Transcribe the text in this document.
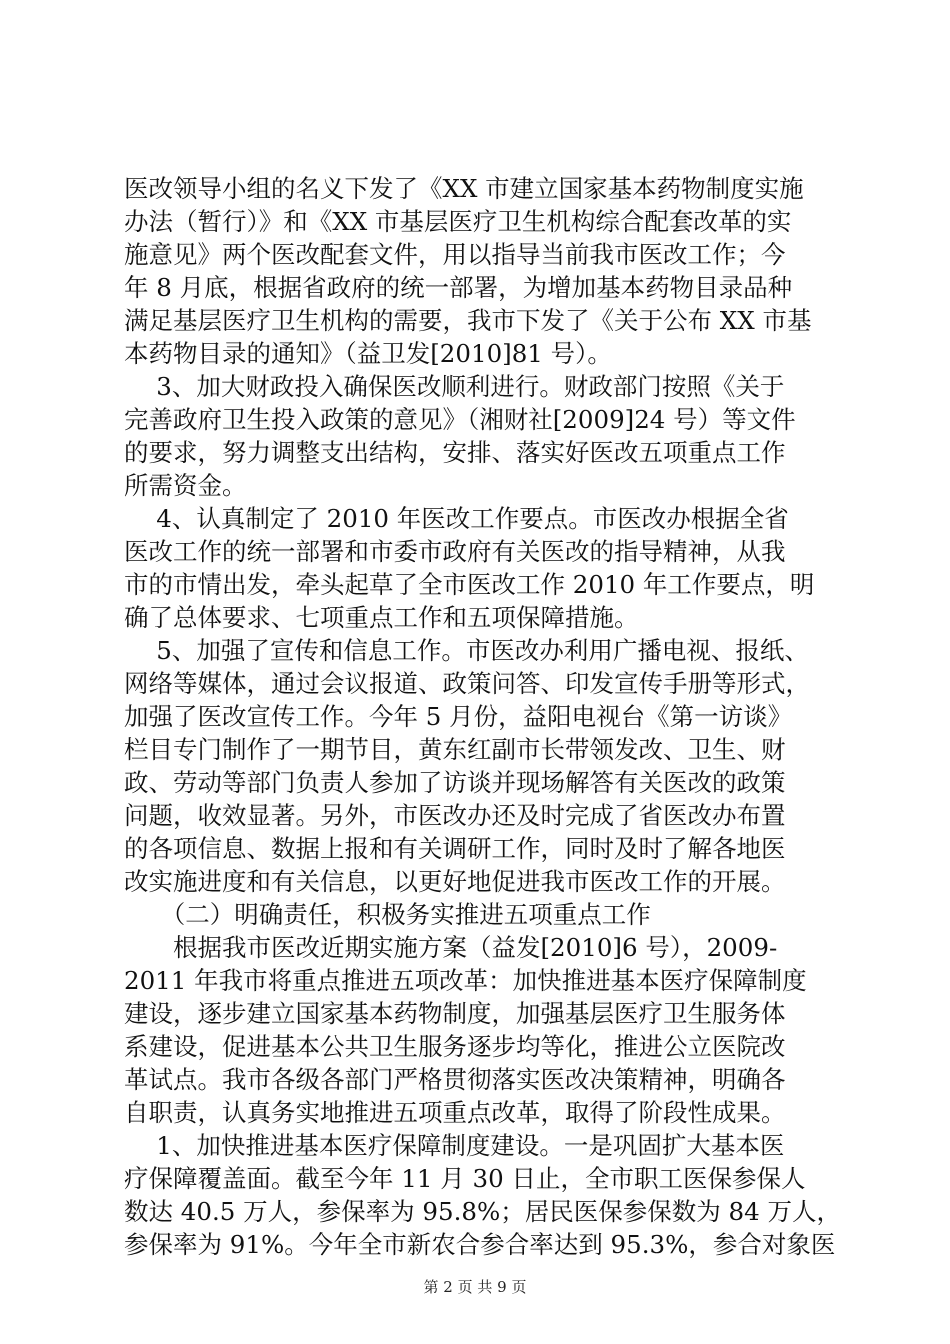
医改领导小组的名义下发了《XX 市建立国家基本药物制度实施
办法（暂行）》和《XX 市基层医疗卫生机构综合配套改革的实
施意见》两个医改配套文件，用以指导当前我市医改工作；今
年 8 月底，根据省政府的统一部署，为增加基本药物目录品种
满足基层医疗卫生机构的需要，我市下发了《关于公布 XX 市基
本药物目录的通知》（益卫发[2010]81 号）。
　 3、加大财政投入确保医改顺利进行。财政部门按照《关于
完善政府卫生投入政策的意见》（湘财社[2009]24 号）等文件
的要求，努力调整支出结构，安排、落实好医改五项重点工作
所需资金。
　 4、认真制定了 2010 年医改工作要点。市医改办根据全省
医改工作的统一部署和市委市政府有关医改的指导精神，从我
市的市情出发，牵头起草了全市医改工作 2010 年工作要点，明
确了总体要求、七项重点工作和五项保障措施。
　 5、加强了宣传和信息工作。市医改办利用广播电视、报纸、
网络等媒体，通过会议报道、政策问答、印发宣传手册等形式，
加强了医改宣传工作。今年 5 月份，益阳电视台《第一访谈》
栏目专门制作了一期节目，黄东红副市长带领发改、卫生、财
政、劳动等部门负责人参加了访谈并现场解答有关医改的政策
问题，收效显著。另外，市医改办还及时完成了省医改办布置
的各项信息、数据上报和有关调研工作，同时及时了解各地医
改实施进度和有关信息，以更好地促进我市医改工作的开展。
　　（二）明确责任，积极务实推进五项重点工作
　　根据我市医改近期实施方案（益发[2010]6 号），2009-
2011 年我市将重点推进五项改革：加快推进基本医疗保障制度
建设，逐步建立国家基本药物制度，加强基层医疗卫生服务体
系建设，促进基本公共卫生服务逐步均等化，推进公立医院改
革试点。我市各级各部门严格贯彻落实医改决策精神，明确各
自职责，认真务实地推进五项重点改革，取得了阶段性成果。
　 1、加快推进基本医疗保障制度建设。一是巩固扩大基本医
疗保障覆盖面。截至今年 11 月 30 日止，全市职工医保参保人
数达 40.5 万人，参保率为 95.8%；居民医保参保数为 84 万人，
参保率为 91%。今年全市新农合参合率达到 95.3%，参合对象医
第 2 页 共 9 页
